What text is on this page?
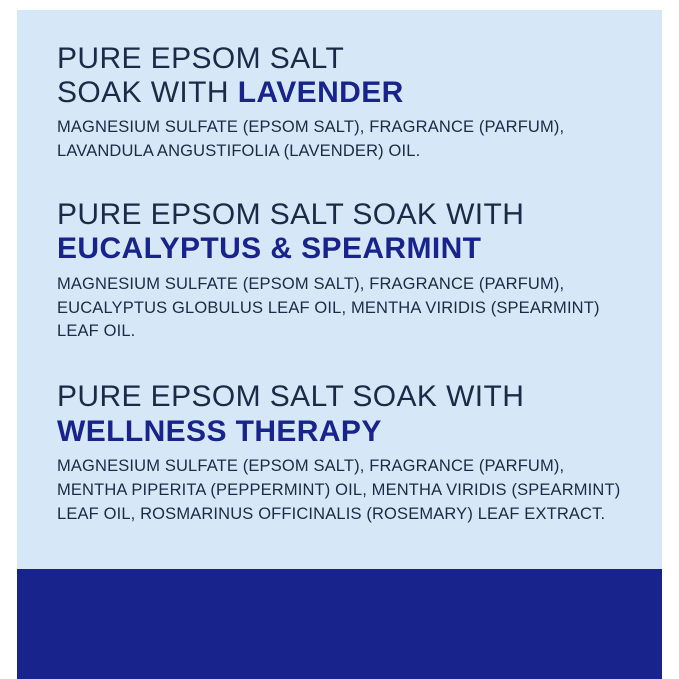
PURE EPSOM SALT
SOAK WITH LAVENDER

MAGNESIUM SULFATE (EPSOM SALT), FRAGRANCE (PARFUM), LAVANDULA ANGUSTIFOLIA (LAVENDER) OIL.

PURE EPSOM SALT SOAK WITH
EUCALYPTUS & SPEARMINT

MAGNESIUM SULFATE (EPSOM SALT), FRAGRANCE (PARFUM), EUCALYPTUS GLOBULUS LEAF OIL, MENTHA VIRIDIS (SPEARMINT) LEAF OIL.

PURE EPSOM SALT SOAK WITH
WELLNESS THERAPY

MAGNESIUM SULFATE (EPSOM SALT), FRAGRANCE (PARFUM), MENTHA PIPERITA (PEPPERMINT) OIL, MENTHA VIRIDIS (SPEARMINT) LEAF OIL, ROSMARINUS OFFICINALIS (ROSEMARY) LEAF EXTRACT.
